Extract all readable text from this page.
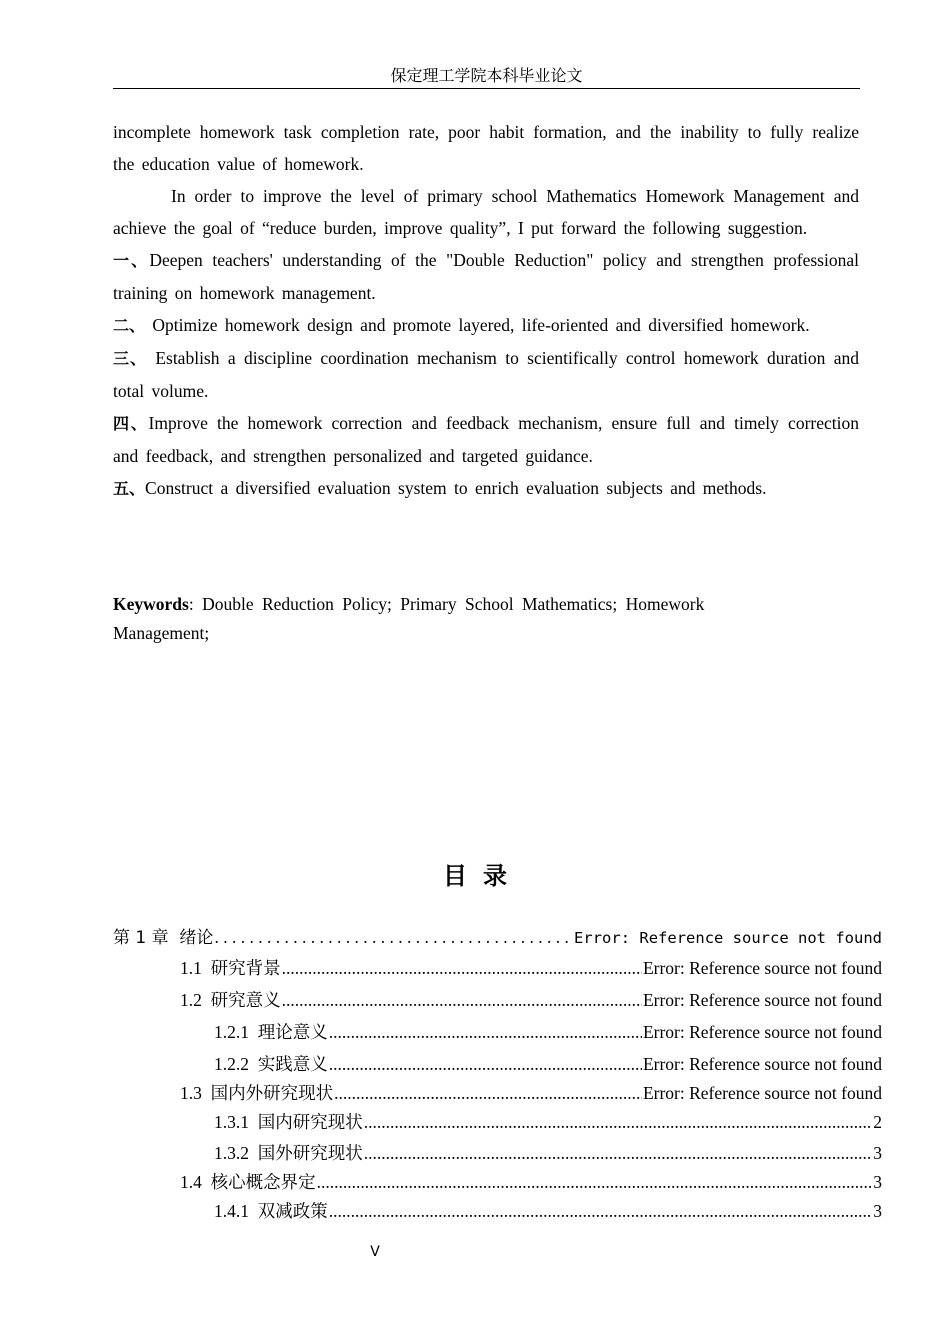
保定理工学院本科毕业论文

incomplete homework task completion rate, poor habit formation, and the inability to fully realize the education value of homework.

In order to improve the level of primary school Mathematics Homework Management and achieve the goal of “reduce burden, improve quality”, I put forward the following suggestion.

一、Deepen teachers' understanding of the "Double Reduction" policy and strengthen professional training on homework management.

二、 Optimize homework design and promote layered, life-oriented and diversified homework.

三、 Establish a discipline coordination mechanism to scientifically control homework duration and total volume.

四、Improve the homework correction and feedback mechanism, ensure full and timely correction and feedback, and strengthen personalized and targeted guidance.

五、Construct a diversified evaluation system to enrich evaluation subjects and methods.

Keywords: Double Reduction Policy; Primary School Mathematics; Homework Management;
目录
第 1 章  绪论 . . .	Error: Reference source not found
1.1  研究背景 .....	Error: Reference source not found
1.2  研究意义 .....	Error: Reference source not found
1.2.1  理论意义 .....	Error: Reference source not found
1.2.2  实践意义 .....	Error: Reference source not found
1.3  国内外研究现状 .....	Error: Reference source not found
1.3.1  国内研究现状 .....	2
1.3.2  国外研究现状 .....	3
1.4  核心概念界定 .....	3
1.4.1  双减政策 .....	3
V
